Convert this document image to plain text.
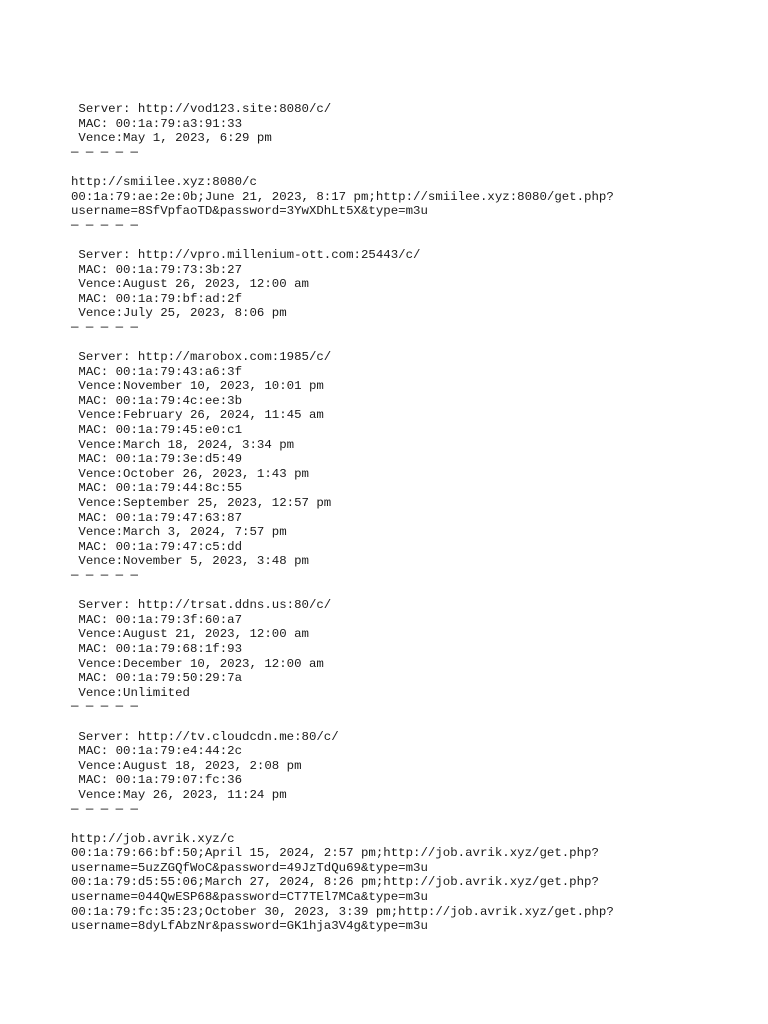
Server: http://vod123.site:8080/c/
MAC: 00:1a:79:a3:91:33
Vence:May 1, 2023, 6:29 pm
─ ─ ─ ─ ─
http://smiilee.xyz:8080/c
00:1a:79:ae:2e:0b;June 21, 2023, 8:17 pm;http://smiilee.xyz:8080/get.php?
username=8SfVpfaoTD&password=3YwXDhLt5X&type=m3u
─ ─ ─ ─ ─
Server: http://vpro.millenium-ott.com:25443/c/
MAC: 00:1a:79:73:3b:27
Vence:August 26, 2023, 12:00 am
MAC: 00:1a:79:bf:ad:2f
Vence:July 25, 2023, 8:06 pm
─ ─ ─ ─ ─
Server: http://marobox.com:1985/c/
MAC: 00:1a:79:43:a6:3f
Vence:November 10, 2023, 10:01 pm
MAC: 00:1a:79:4c:ee:3b
Vence:February 26, 2024, 11:45 am
MAC: 00:1a:79:45:e0:c1
Vence:March 18, 2024, 3:34 pm
MAC: 00:1a:79:3e:d5:49
Vence:October 26, 2023, 1:43 pm
MAC: 00:1a:79:44:8c:55
Vence:September 25, 2023, 12:57 pm
MAC: 00:1a:79:47:63:87
Vence:March 3, 2024, 7:57 pm
MAC: 00:1a:79:47:c5:dd
Vence:November 5, 2023, 3:48 pm
─ ─ ─ ─ ─
Server: http://trsat.ddns.us:80/c/
MAC: 00:1a:79:3f:60:a7
Vence:August 21, 2023, 12:00 am
MAC: 00:1a:79:68:1f:93
Vence:December 10, 2023, 12:00 am
MAC: 00:1a:79:50:29:7a
Vence:Unlimited
─ ─ ─ ─ ─
Server: http://tv.cloudcdn.me:80/c/
MAC: 00:1a:79:e4:44:2c
Vence:August 18, 2023, 2:08 pm
MAC: 00:1a:79:07:fc:36
Vence:May 26, 2023, 11:24 pm
─ ─ ─ ─ ─
http://job.avrik.xyz/c
00:1a:79:66:bf:50;April 15, 2024, 2:57 pm;http://job.avrik.xyz/get.php?
username=5uzZGQfWoC&password=49JzTdQu69&type=m3u
00:1a:79:d5:55:06;March 27, 2024, 8:26 pm;http://job.avrik.xyz/get.php?
username=044QwESP68&password=CT7TEl7MCa&type=m3u
00:1a:79:fc:35:23;October 30, 2023, 3:39 pm;http://job.avrik.xyz/get.php?
username=8dyLfAbzNr&password=GK1hja3V4g&type=m3u
